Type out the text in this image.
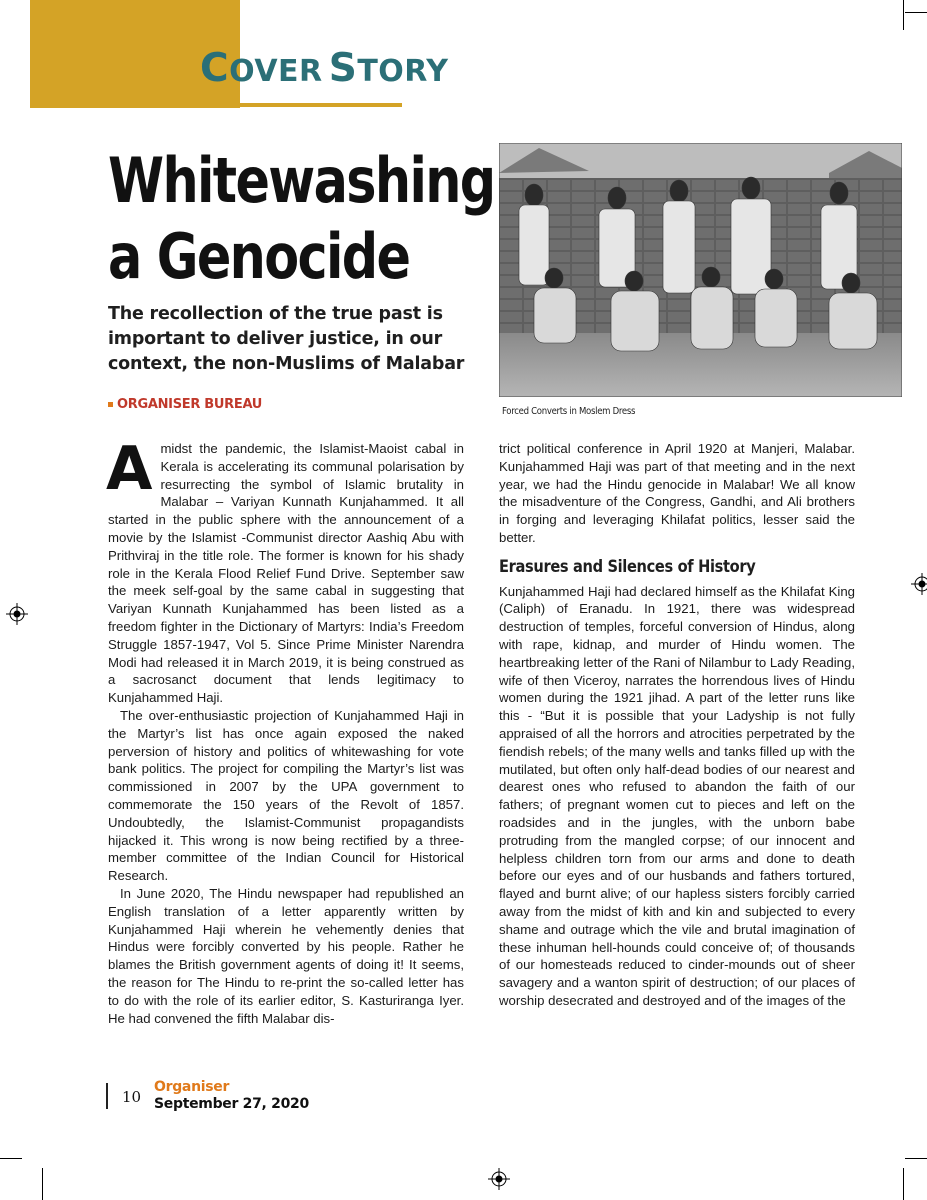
COVER STORY
Whitewashing
a Genocide
The recollection of the true past is important to deliver justice, in our context, the non-Muslims of Malabar
ORGANISER BUREAU	Forced Converts in Moslem Dress

Amidst the pandemic, the Islamist-Maoist cabal in Kerala is accelerating its communal polarisation by resurrecting the symbol of Islamic brutality in Malabar – Variyan Kunnath Kunjahammed. It all started in the public sphere with the announcement of a movie by the Islamist -Communist director Aashiq Abu with Prithviraj in the title role. The former is known for his shady role in the Kerala Flood Relief Fund Drive. September saw the meek self-goal by the same cabal in suggesting that Variyan Kunnath Kunjahammed has been listed as a freedom fighter in the Dictionary of Martyrs: India’s Freedom Struggle 1857-1947, Vol 5. Since Prime Minister Narendra Modi had released it in March 2019, it is being construed as a sacrosanct document that lends legitimacy to Kunjahammed Haji.

The over-enthusiastic projection of Kunjahammed Haji in the Martyr’s list has once again exposed the naked perversion of history and politics of whitewashing for vote bank politics. The project for compiling the Martyr’s list was commissioned in 2007 by the UPA government to commemorate the 150 years of the Revolt of 1857. Undoubtedly, the Islamist-Communist propagandists hijacked it. This wrong is now being rectified by a three-member committee of the Indian Council for Historical Research.

In June 2020, The Hindu newspaper had republished an English translation of a letter apparently written by Kunjahammed Haji wherein he vehemently denies that Hindus were forcibly converted by his people. Rather he blames the British government agents of doing it! It seems, the reason for The Hindu to re-print the so-called letter has to do with the role of its earlier editor, S. Kasturiranga Iyer. He had convened the fifth Malabar dis-

trict political conference in April 1920 at Manjeri, Malabar. Kunjahammed Haji was part of that meeting and in the next year, we had the Hindu genocide in Malabar! We all know the misadventure of the Congress, Gandhi, and Ali brothers in forging and leveraging Khilafat politics, lesser said the better.

Erasures and Silences of History

Kunjahammed Haji had declared himself as the Khilafat King (Caliph) of Eranadu. In 1921, there was widespread destruction of temples, forceful conversion of Hindus, along with rape, kidnap, and murder of Hindu women. The heartbreaking letter of the Rani of Nilambur to Lady Reading, wife of then Viceroy, narrates the horrendous lives of Hindu women during the 1921 jihad. A part of the letter runs like this - “But it is possible that your Ladyship is not fully appraised of all the horrors and atrocities perpetrated by the fiendish rebels; of the many wells and tanks filled up with the mutilated, but often only half-dead bodies of our nearest and dearest ones who refused to abandon the faith of our fathers; of pregnant women cut to pieces and left on the roadsides and in the jungles, with the unborn babe protruding from the mangled corpse; of our innocent and helpless children torn from our arms and done to death before our eyes and of our husbands and fathers tortured, flayed and burnt alive; of our hapless sisters forcibly carried away from the midst of kith and kin and subjected to every shame and outrage which the vile and brutal imagination of these inhuman hell-hounds could conceive of; of thousands of our homesteads reduced to cinder-mounds out of sheer savagery and a wanton spirit of destruction; of our places of worship desecrated and destroyed and of the images of the

10
Organiser
September 27, 2020
